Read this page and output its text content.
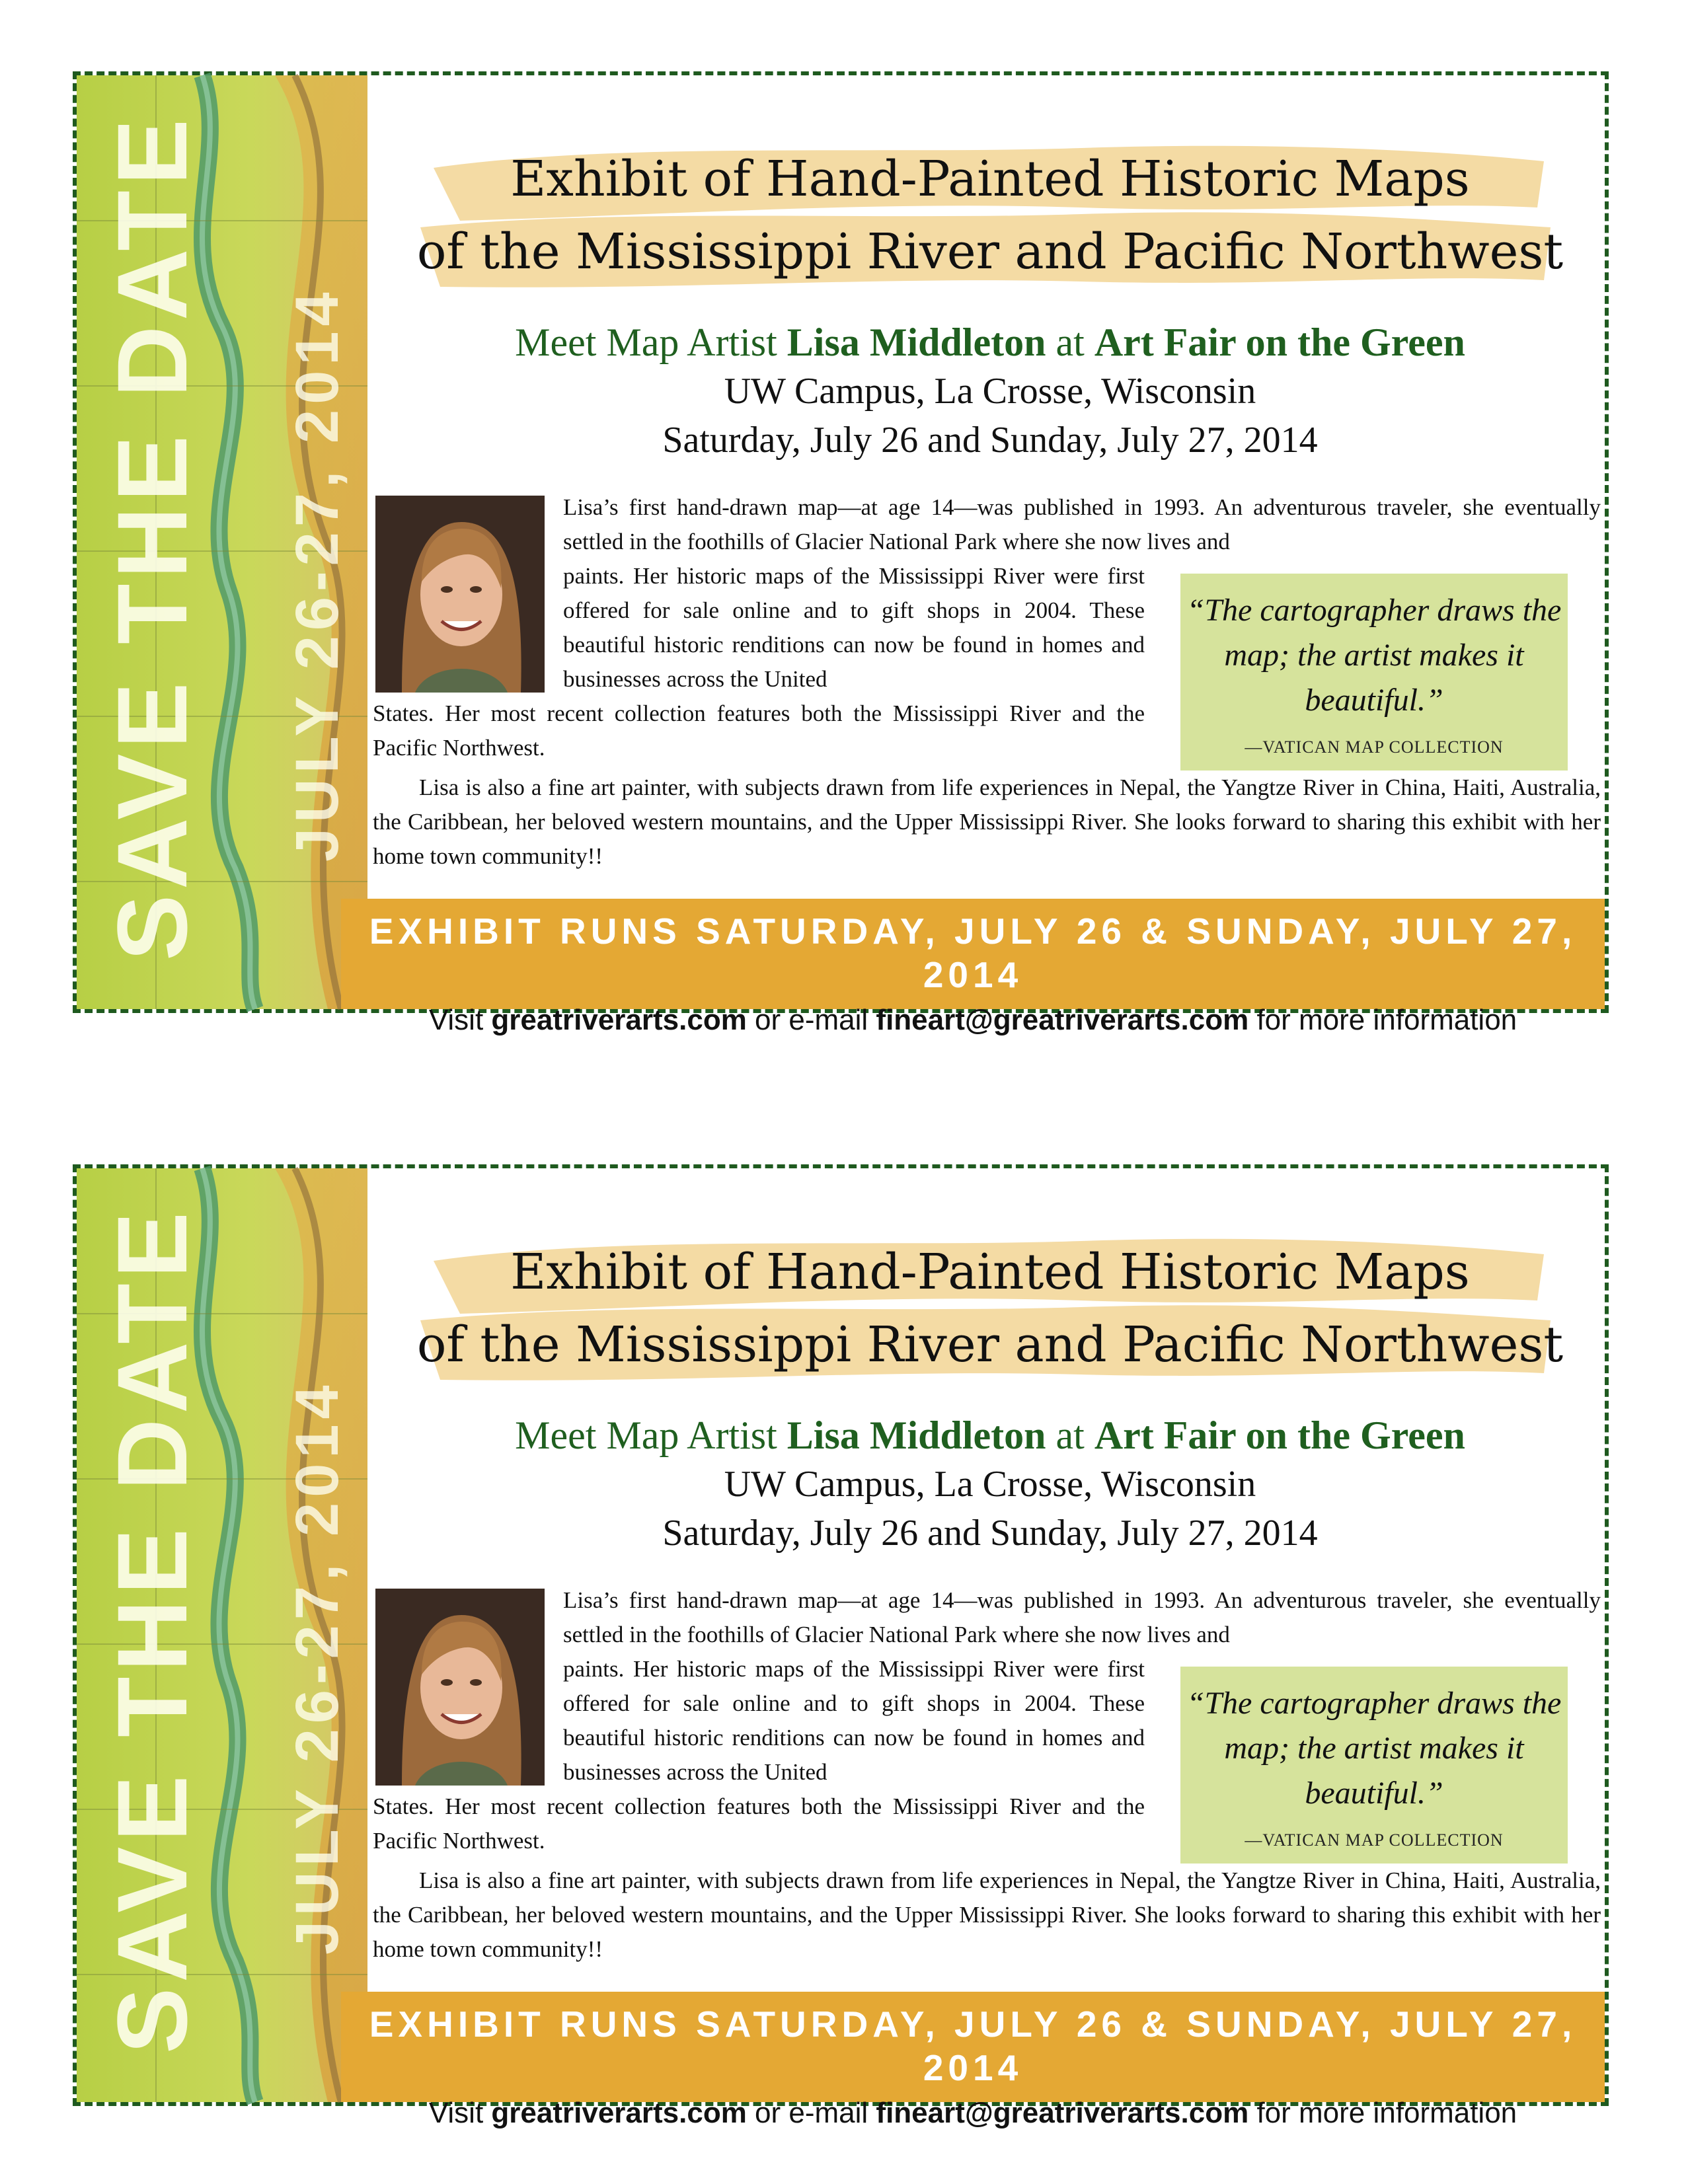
SAVE THE DATE JULY 26-27, 2014
Exhibit of Hand-Painted Historic Maps
of the Mississippi River and Pacific Northwest
Meet Map Artist Lisa Middleton at Art Fair on the Green
UW Campus, La Crosse, Wisconsin
Saturday, July 26 and Sunday, July 27, 2014
Lisa’s first hand-drawn map—at age 14—was published in 1993. An adventurous traveler, she eventually settled in the foothills of Glacier National Park where she now lives and
paints. Her historic maps of the Mississippi River were first offered for sale online and to gift shops in 2004. These beautiful historic renditions can now be found in homes and businesses across the United
States. Her most recent collection features both the Mississippi River and the Pacific Northwest.
Lisa is also a fine art painter, with subjects drawn from life experiences in Nepal, the Yangtze River in China, Haiti, Australia, the Caribbean, her beloved western mountains, and the Upper Mississippi River. She looks forward to sharing this exhibit with her home town community!!
“The cartographer draws the map; the artist makes it beautiful.”
—VATICAN MAP COLLECTION
EXHIBIT RUNS SATURDAY, JULY 26 & SUNDAY, JULY 27, 2014
Visit greatriverarts.com or e-mail fineart@greatriverarts.com for more information
SAVE THE DATE JULY 26-27, 2014
Exhibit of Hand-Painted Historic Maps
of the Mississippi River and Pacific Northwest
Meet Map Artist Lisa Middleton at Art Fair on the Green
UW Campus, La Crosse, Wisconsin
Saturday, July 26 and Sunday, July 27, 2014
Lisa’s first hand-drawn map—at age 14—was published in 1993. An adventurous traveler, she eventually settled in the foothills of Glacier National Park where she now lives and
paints. Her historic maps of the Mississippi River were first offered for sale online and to gift shops in 2004. These beautiful historic renditions can now be found in homes and businesses across the United
States. Her most recent collection features both the Mississippi River and the Pacific Northwest.
Lisa is also a fine art painter, with subjects drawn from life experiences in Nepal, the Yangtze River in China, Haiti, Australia, the Caribbean, her beloved western mountains, and the Upper Mississippi River. She looks forward to sharing this exhibit with her home town community!!
“The cartographer draws the map; the artist makes it beautiful.”
—VATICAN MAP COLLECTION
EXHIBIT RUNS SATURDAY, JULY 26 & SUNDAY, JULY 27, 2014
Visit greatriverarts.com or e-mail fineart@greatriverarts.com for more information
